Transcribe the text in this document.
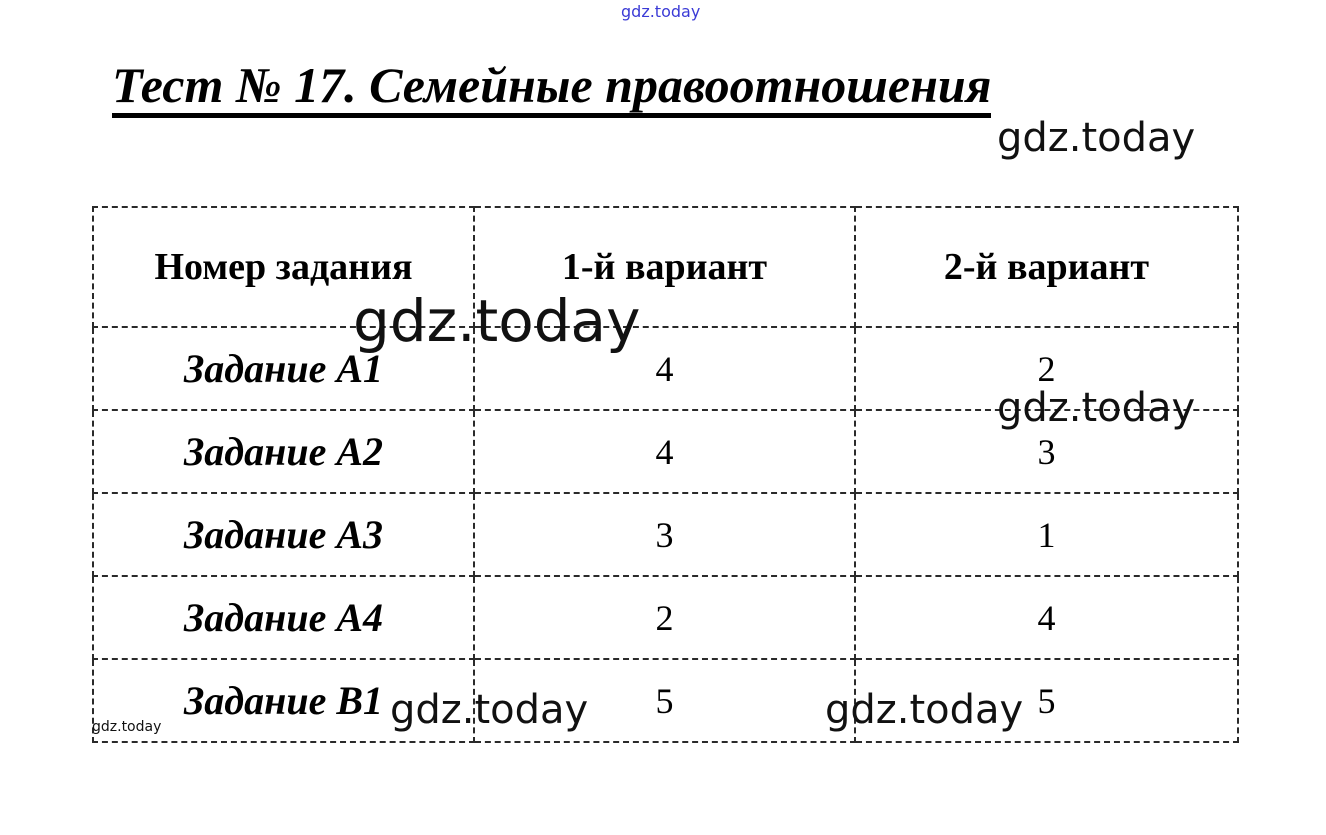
Тест № 17. Семейные правоотношения
Номер задания	1-й вариант	2-й вариант
Задание А1	4	2
Задание А2	4	3
Задание А3	3	1
Задание А4	2	4
Задание В1	5	5
gdz.today
gdz.today
gdz.today
gdz.today
gdz.today	gdz.today
gdz.today
